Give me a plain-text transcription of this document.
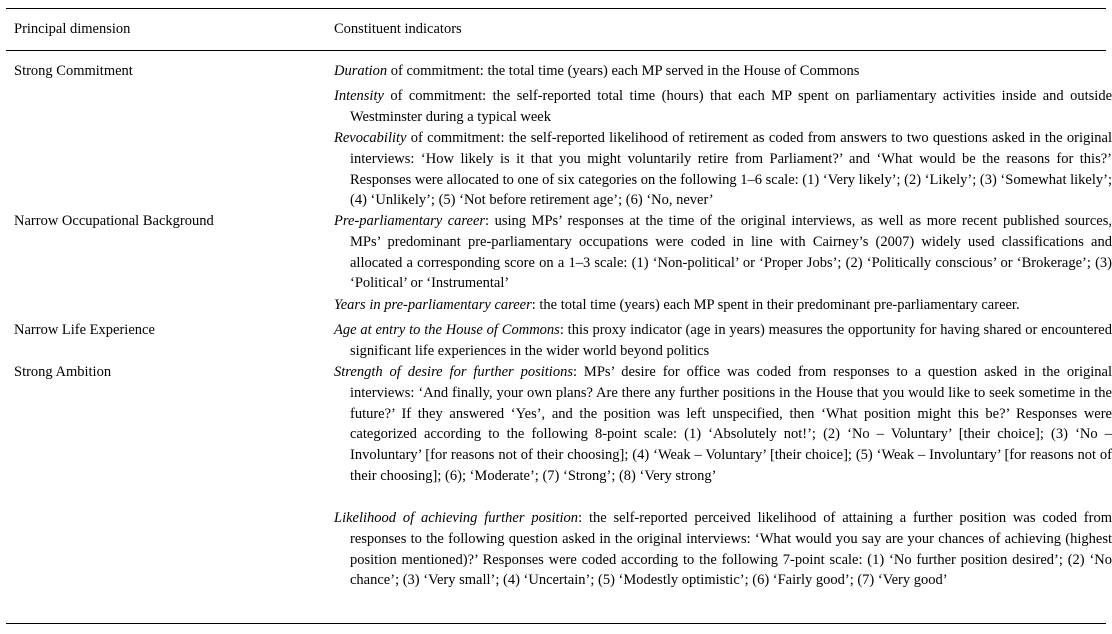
Principal dimension	Constituent indicators
Strong Commitment	Duration of commitment: the total time (years) each MP served in the House of Commons
Intensity of commitment: the self-reported total time (hours) that each MP spent on parliamentary activities inside and outside Westminster during a typical week
Revocability of commitment: the self-reported likelihood of retirement as coded from answers to two questions asked in the original interviews: ‘How likely is it that you might voluntarily retire from Parliament?’ and ‘What would be the reasons for this?’ Responses were allocated to one of six categories on the following 1–6 scale: (1) ‘Very likely’; (2) ‘Likely’; (3) ‘Somewhat likely’; (4) ‘Unlikely’; (5) ‘Not before retirement age’; (6) ‘No, never’
Narrow Occupational Background	Pre-parliamentary career: using MPs’ responses at the time of the original interviews, as well as more recent published sources, MPs’ predominant pre-parliamentary occupations were coded in line with Cairney’s (2007) widely used classifications and allocated a corresponding score on a 1–3 scale: (1) ‘Non-political’ or ‘Proper Jobs’; (2) ‘Politically conscious’ or ‘Brokerage’; (3) ‘Political’ or ‘Instrumental’
Years in pre-parliamentary career: the total time (years) each MP spent in their predominant pre-parliamentary career.
Narrow Life Experience	Age at entry to the House of Commons: this proxy indicator (age in years) measures the opportunity for having shared or encountered significant life experiences in the wider world beyond politics
Strong Ambition	Strength of desire for further positions: MPs’ desire for office was coded from responses to a question asked in the original interviews: ‘And finally, your own plans? Are there any further positions in the House that you would like to seek sometime in the future?’ If they answered ‘Yes’, and the position was left unspecified, then ‘What position might this be?’ Responses were categorized according to the following 8-point scale: (1) ‘Absolutely not!’; (2) ‘No – Voluntary’ [their choice]; (3) ‘No – Involuntary’ [for reasons not of their choosing]; (4) ‘Weak – Voluntary’ [their choice]; (5) ‘Weak – Involuntary’ [for reasons not of their choosing]; (6); ‘Moderate’; (7) ‘Strong’; (8) ‘Very strong’
Likelihood of achieving further position: the self-reported perceived likelihood of attaining a further position was coded from responses to the following question asked in the original interviews: ‘What would you say are your chances of achieving (highest position mentioned)?’ Responses were coded according to the following 7-point scale: (1) ‘No further position desired’; (2) ‘No chance’; (3) ‘Very small’; (4) ‘Uncertain’; (5) ‘Modestly optimistic’; (6) ‘Fairly good’; (7) ‘Very good’
